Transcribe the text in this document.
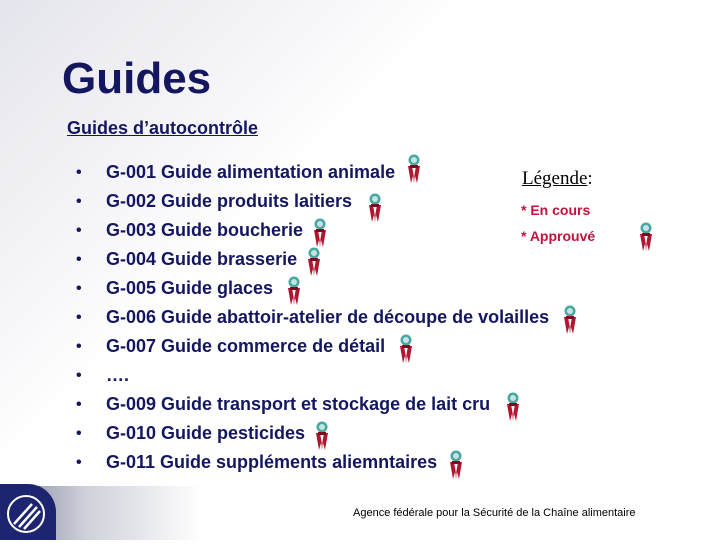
Guides
Guides d’autocontrôle
• G-001 Guide alimentation animale
• G-002 Guide produits laitiers
• G-003 Guide boucherie
• G-004 Guide brasserie
• G-005 Guide glaces
• G-006 Guide abattoir-atelier de découpe de volailles
• G-007 Guide commerce de détail
• ….
• G-009 Guide transport et stockage de lait cru
• G-010 Guide pesticides
• G-011 Guide suppléments aliemntaires
Légende:
* En cours
* Approuvé
Agence fédérale pour la Sécurité de la Chaîne alimentaire
